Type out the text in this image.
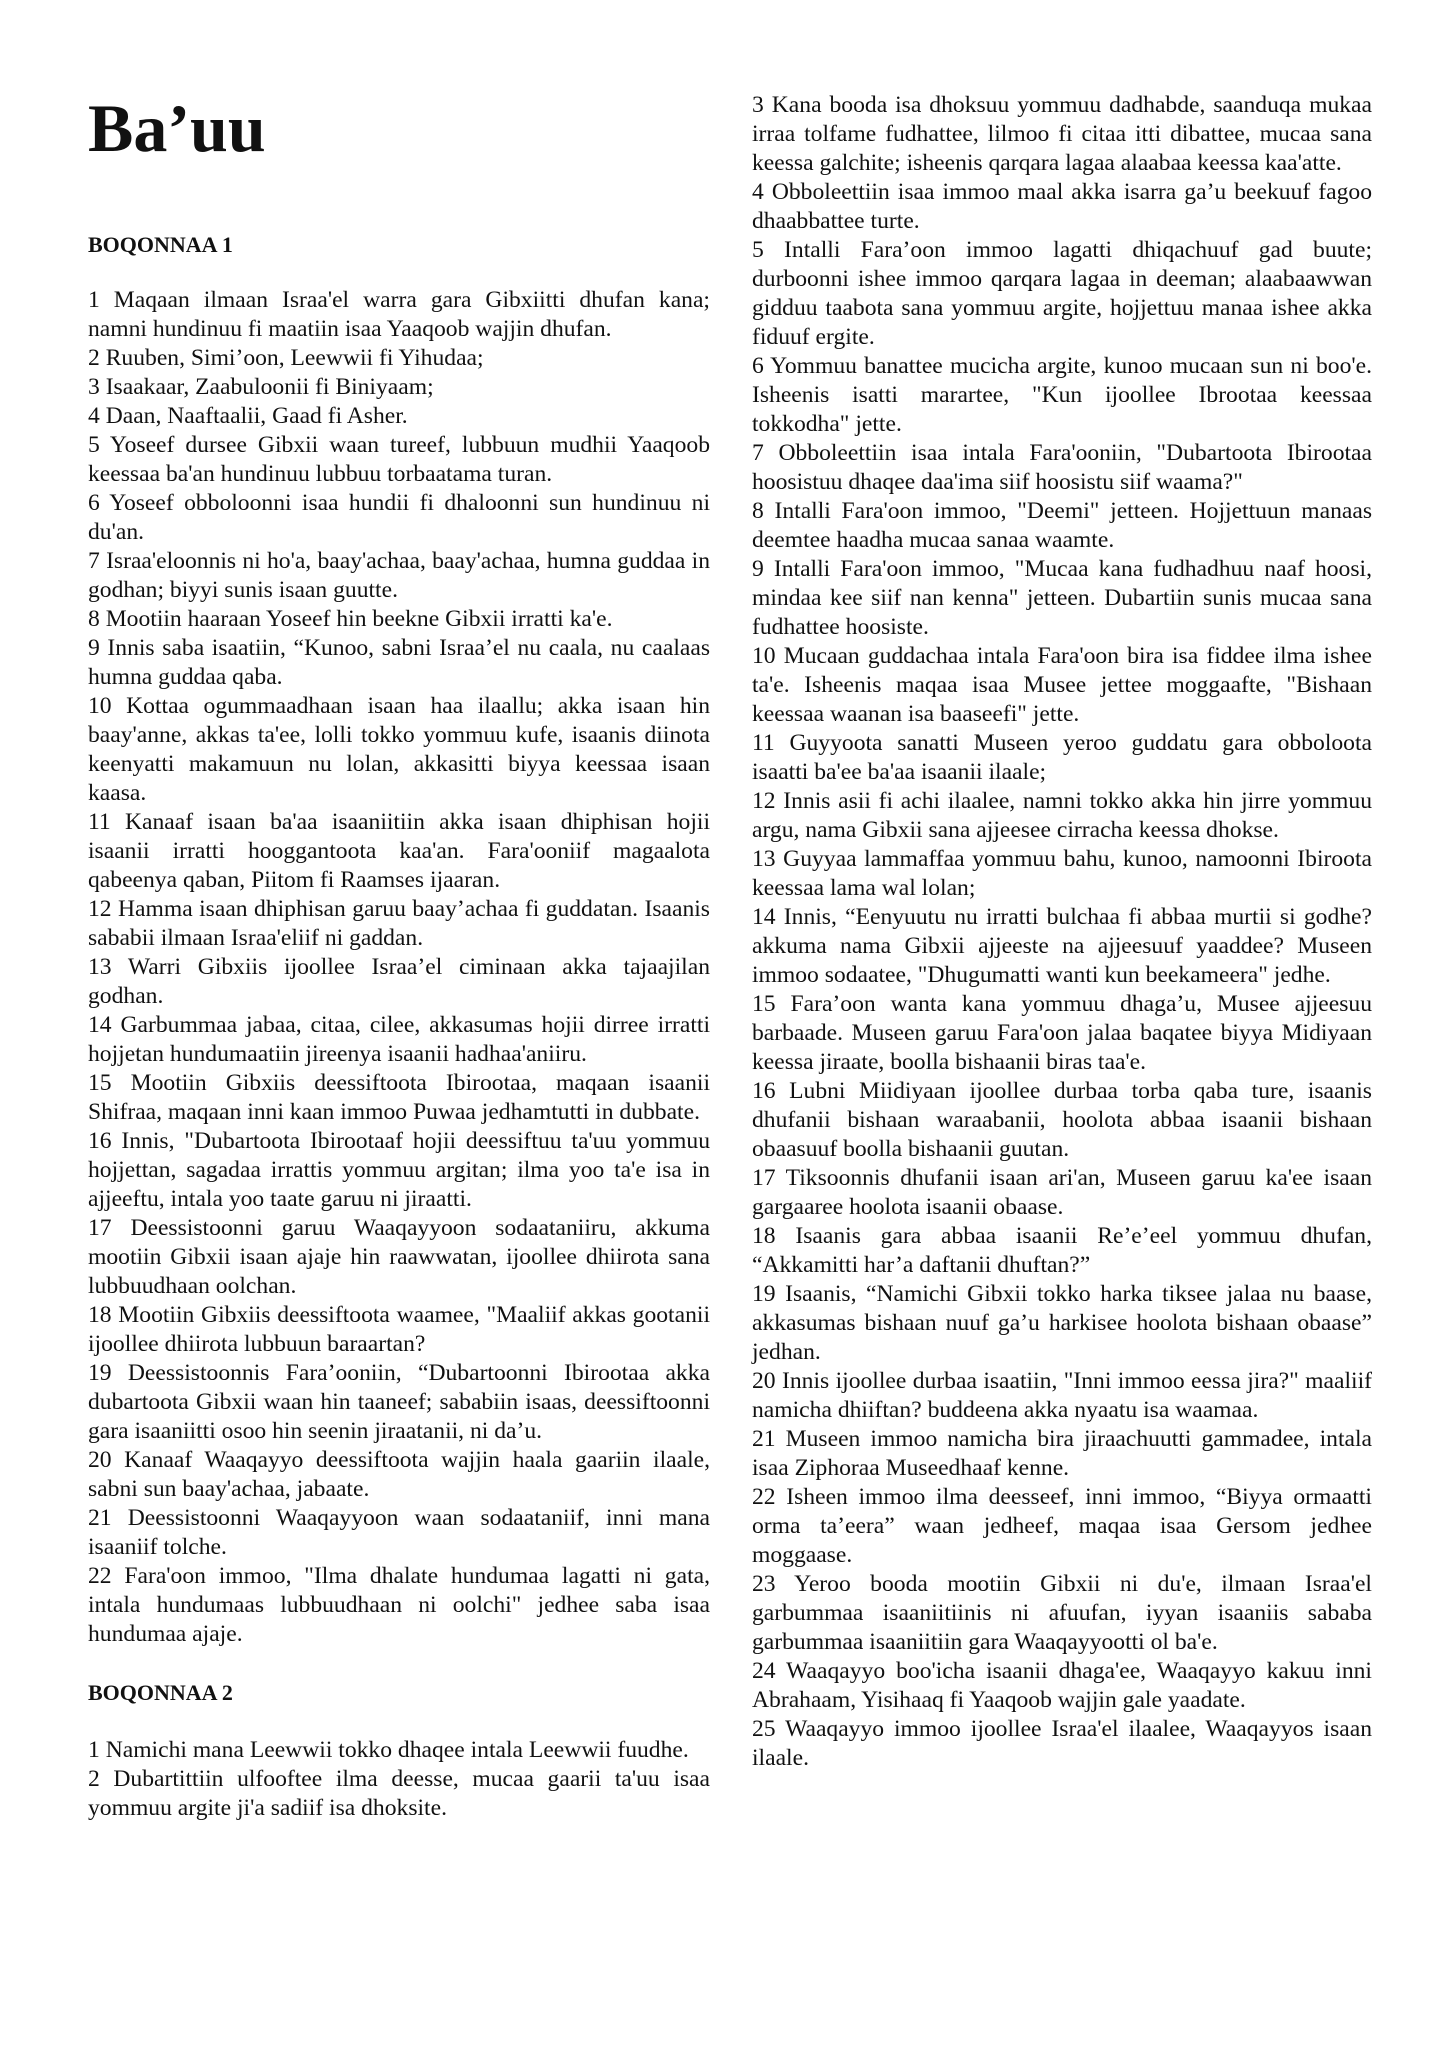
Ba’uu
BOQONNAA 1

1 Maqaan ilmaan Israa'el warra gara Gibxiitti dhufan kana; namni hundinuu fi maatiin isaa Yaaqoob wajjin dhufan.

2 Ruuben, Simi’oon, Leewwii fi Yihudaa;

3 Isaakaar, Zaabuloonii fi Biniyaam;

4 Daan, Naaftaalii, Gaad fi Asher.

5 Yoseef dursee Gibxii waan tureef, lubbuun mudhii Yaaqoob keessaa ba'an hundinuu lubbuu torbaatama turan.

6 Yoseef obboloonni isaa hundii fi dhaloonni sun hundinuu ni du'an.

7 Israa'eloonnis ni ho'a, baay'achaa, baay'achaa, humna guddaa in godhan; biyyi sunis isaan guutte.

8 Mootiin haaraan Yoseef hin beekne Gibxii irratti ka'e.

9 Innis saba isaatiin, “Kunoo, sabni Israa’el nu caala, nu caalaas humna guddaa qaba.

10 Kottaa ogummaadhaan isaan haa ilaallu; akka isaan hin baay'anne, akkas ta'ee, lolli tokko yommuu kufe, isaanis diinota keenyatti makamuun nu lolan, akkasitti biyya keessaa isaan kaasa.

11 Kanaaf isaan ba'aa isaaniitiin akka isaan dhiphisan hojii isaanii irratti hooggantoota kaa'an. Fara'ooniif magaalota qabeenya qaban, Piitom fi Raamses ijaaran.

12 Hamma isaan dhiphisan garuu baay’achaa fi guddatan. Isaanis sababii ilmaan Israa'eliif ni gaddan.

13 Warri Gibxiis ijoollee Israa’el ciminaan akka tajaajilan godhan.

14 Garbummaa jabaa, citaa, cilee, akkasumas hojii dirree irratti hojjetan hundumaatiin jireenya isaanii hadhaa'aniiru.

15 Mootiin Gibxiis deessiftoota Ibirootaa, maqaan isaanii Shifraa, maqaan inni kaan immoo Puwaa jedhamtutti in dubbate.

16 Innis, "Dubartoota Ibirootaaf hojii deessiftuu ta'uu yommuu hojjettan, sagadaa irrattis yommuu argitan; ilma yoo ta'e isa in ajjeeftu, intala yoo taate garuu ni jiraatti.

17 Deessistoonni garuu Waaqayyoon sodaataniiru, akkuma mootiin Gibxii isaan ajaje hin raawwatan, ijoollee dhiirota sana lubbuudhaan oolchan.

18 Mootiin Gibxiis deessiftoota waamee, "Maaliif akkas gootanii ijoollee dhiirota lubbuun baraartan?

19 Deessistoonnis Fara’ooniin, “Dubartoonni Ibirootaa akka dubartoota Gibxii waan hin taaneef; sababiin isaas, deessiftoonni gara isaaniitti osoo hin seenin jiraatanii, ni da’u.

20 Kanaaf Waaqayyo deessiftoota wajjin haala gaariin ilaale, sabni sun baay'achaa, jabaate.

21 Deessistoonni Waaqayyoon waan sodaataniif, inni mana isaaniif tolche.

22 Fara'oon immoo, "Ilma dhalate hundumaa lagatti ni gata, intala hundumaas lubbuudhaan ni oolchi" jedhee saba isaa hundumaa ajaje.

BOQONNAA 2

1 Namichi mana Leewwii tokko dhaqee intala Leewwii fuudhe.

2 Dubartittiin ulfooftee ilma deesse, mucaa gaarii ta'uu isaa yommuu argite ji'a sadiif isa dhoksite.

3 Kana booda isa dhoksuu yommuu dadhabde, saanduqa mukaa irraa tolfame fudhattee, lilmoo fi citaa itti dibattee, mucaa sana keessa galchite; isheenis qarqara lagaa alaabaa keessa kaa'atte.

4 Obboleettiin isaa immoo maal akka isarra ga’u beekuuf fagoo dhaabbattee turte.

5 Intalli Fara’oon immoo lagatti dhiqachuuf gad buute; durboonni ishee immoo qarqara lagaa in deeman; alaabaawwan gidduu taabota sana yommuu argite, hojjettuu manaa ishee akka fiduuf ergite.

6 Yommuu banattee mucicha argite, kunoo mucaan sun ni boo'e. Isheenis isatti marartee, "Kun ijoollee Ibrootaa keessaa tokkodha" jette.

7 Obboleettiin isaa intala Fara'ooniin, "Dubartoota Ibirootaa hoosistuu dhaqee daa'ima siif hoosistu siif waama?"

8 Intalli Fara'oon immoo, "Deemi" jetteen. Hojjettuun manaas deemtee haadha mucaa sanaa waamte.

9 Intalli Fara'oon immoo, "Mucaa kana fudhadhuu naaf hoosi, mindaa kee siif nan kenna" jetteen. Dubartiin sunis mucaa sana fudhattee hoosiste.

10 Mucaan guddachaa intala Fara'oon bira isa fiddee ilma ishee ta'e. Isheenis maqaa isaa Musee jettee moggaafte, "Bishaan keessaa waanan isa baaseefi" jette.

11 Guyyoota sanatti Museen yeroo guddatu gara obboloota isaatti ba'ee ba'aa isaanii ilaale;

12 Innis asii fi achi ilaalee, namni tokko akka hin jirre yommuu argu, nama Gibxii sana ajjeesee cirracha keessa dhokse.

13 Guyyaa lammaffaa yommuu bahu, kunoo, namoonni Ibiroota keessaa lama wal lolan;

14 Innis, “Eenyuutu nu irratti bulchaa fi abbaa murtii si godhe? akkuma nama Gibxii ajjeeste na ajjeesuuf yaaddee? Museen immoo sodaatee, "Dhugumatti wanti kun beekameera" jedhe.

15 Fara’oon wanta kana yommuu dhaga’u, Musee ajjeesuu barbaade. Museen garuu Fara'oon jalaa baqatee biyya Midiyaan keessa jiraate, boolla bishaanii biras taa'e.

16 Lubni Miidiyaan ijoollee durbaa torba qaba ture, isaanis dhufanii bishaan waraabanii, hoolota abbaa isaanii bishaan obaasuuf boolla bishaanii guutan.

17 Tiksoonnis dhufanii isaan ari'an, Museen garuu ka'ee isaan gargaaree hoolota isaanii obaase.

18 Isaanis gara abbaa isaanii Re’e’eel yommuu dhufan, “Akkamitti har’a daftanii dhuftan?”

19 Isaanis, “Namichi Gibxii tokko harka tiksee jalaa nu baase, akkasumas bishaan nuuf ga’u harkisee hoolota bishaan obaase” jedhan.

20 Innis ijoollee durbaa isaatiin, "Inni immoo eessa jira?" maaliif namicha dhiiftan? buddeena akka nyaatu isa waamaa.

21 Museen immoo namicha bira jiraachuutti gammadee, intala isaa Ziphoraa Museedhaaf kenne.

22 Isheen immoo ilma deesseef, inni immoo, “Biyya ormaatti orma ta’eera” waan jedheef, maqaa isaa Gersom jedhee moggaase.

23 Yeroo booda mootiin Gibxii ni du'e, ilmaan Israa'el garbummaa isaaniitiinis ni afuufan, iyyan isaaniis sababa garbummaa isaaniitiin gara Waaqayyootti ol ba'e.

24 Waaqayyo boo'icha isaanii dhaga'ee, Waaqayyo kakuu inni Abrahaam, Yisihaaq fi Yaaqoob wajjin gale yaadate.

25 Waaqayyo immoo ijoollee Israa'el ilaalee, Waaqayyos isaan ilaale.
